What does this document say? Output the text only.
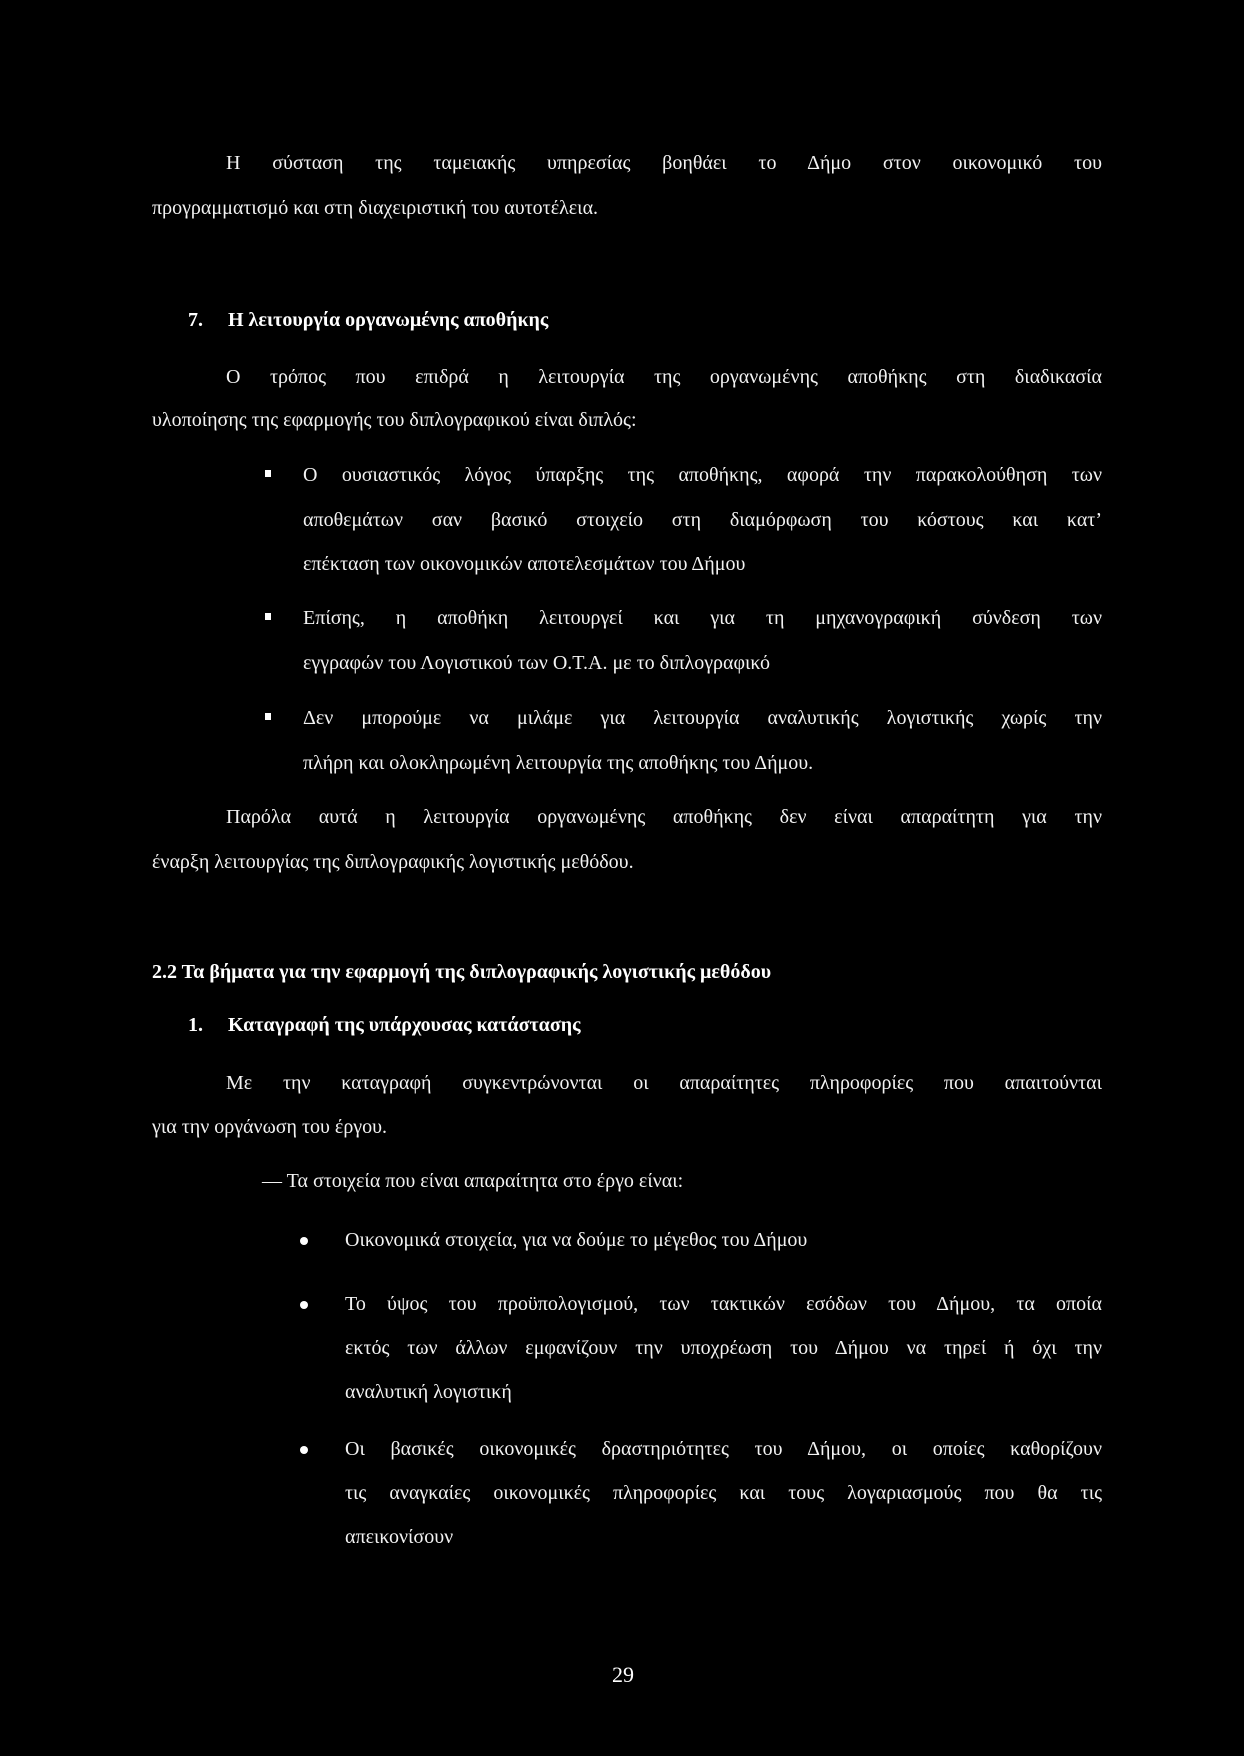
Η σύσταση της ταμειακής υπηρεσίας βοηθάει το Δήμο στον οικονομικό του
προγραμματισμό και στη διαχειριστική του αυτοτέλεια.
7. Η λειτουργία οργανωμένης αποθήκης
Ο τρόπος που επιδρά η λειτουργία της οργανωμένης αποθήκης στη διαδικασία
υλοποίησης της εφαρμογής του διπλογραφικού είναι διπλός:
Ο ουσιαστικός λόγος ύπαρξης της αποθήκης, αφορά την παρακολούθηση των
αποθεμάτων σαν βασικό στοιχείο στη διαμόρφωση του κόστους και κατ’
επέκταση των οικονομικών αποτελεσμάτων του Δήμου
Επίσης, η αποθήκη λειτουργεί και για τη μηχανογραφική σύνδεση των
εγγραφών του Λογιστικού των Ο.Τ.Α. με το διπλογραφικό
Δεν μπορούμε να μιλάμε για λειτουργία αναλυτικής λογιστικής χωρίς την
πλήρη και ολοκληρωμένη λειτουργία της αποθήκης του Δήμου.
Παρόλα αυτά η λειτουργία οργανωμένης αποθήκης δεν είναι απαραίτητη για την
έναρξη λειτουργίας της διπλογραφικής λογιστικής μεθόδου.
2.2 Τα βήματα για την εφαρμογή της διπλογραφικής λογιστικής μεθόδου
1. Καταγραφή της υπάρχουσας κατάστασης
Με την καταγραφή συγκεντρώνονται οι απαραίτητες πληροφορίες που απαιτούνται
για την οργάνωση του έργου.
— Τα στοιχεία που είναι απαραίτητα στο έργο είναι:
Οικονομικά στοιχεία, για να δούμε το μέγεθος του Δήμου
Το ύψος του προϋπολογισμού, των τακτικών εσόδων του Δήμου, τα οποία
εκτός των άλλων εμφανίζουν την υποχρέωση του Δήμου να τηρεί ή όχι την
αναλυτική λογιστική
Οι βασικές οικονομικές δραστηριότητες του Δήμου, οι οποίες καθορίζουν
τις αναγκαίες οικονομικές πληροφορίες και τους λογαριασμούς που θα τις
απεικονίσουν
29
